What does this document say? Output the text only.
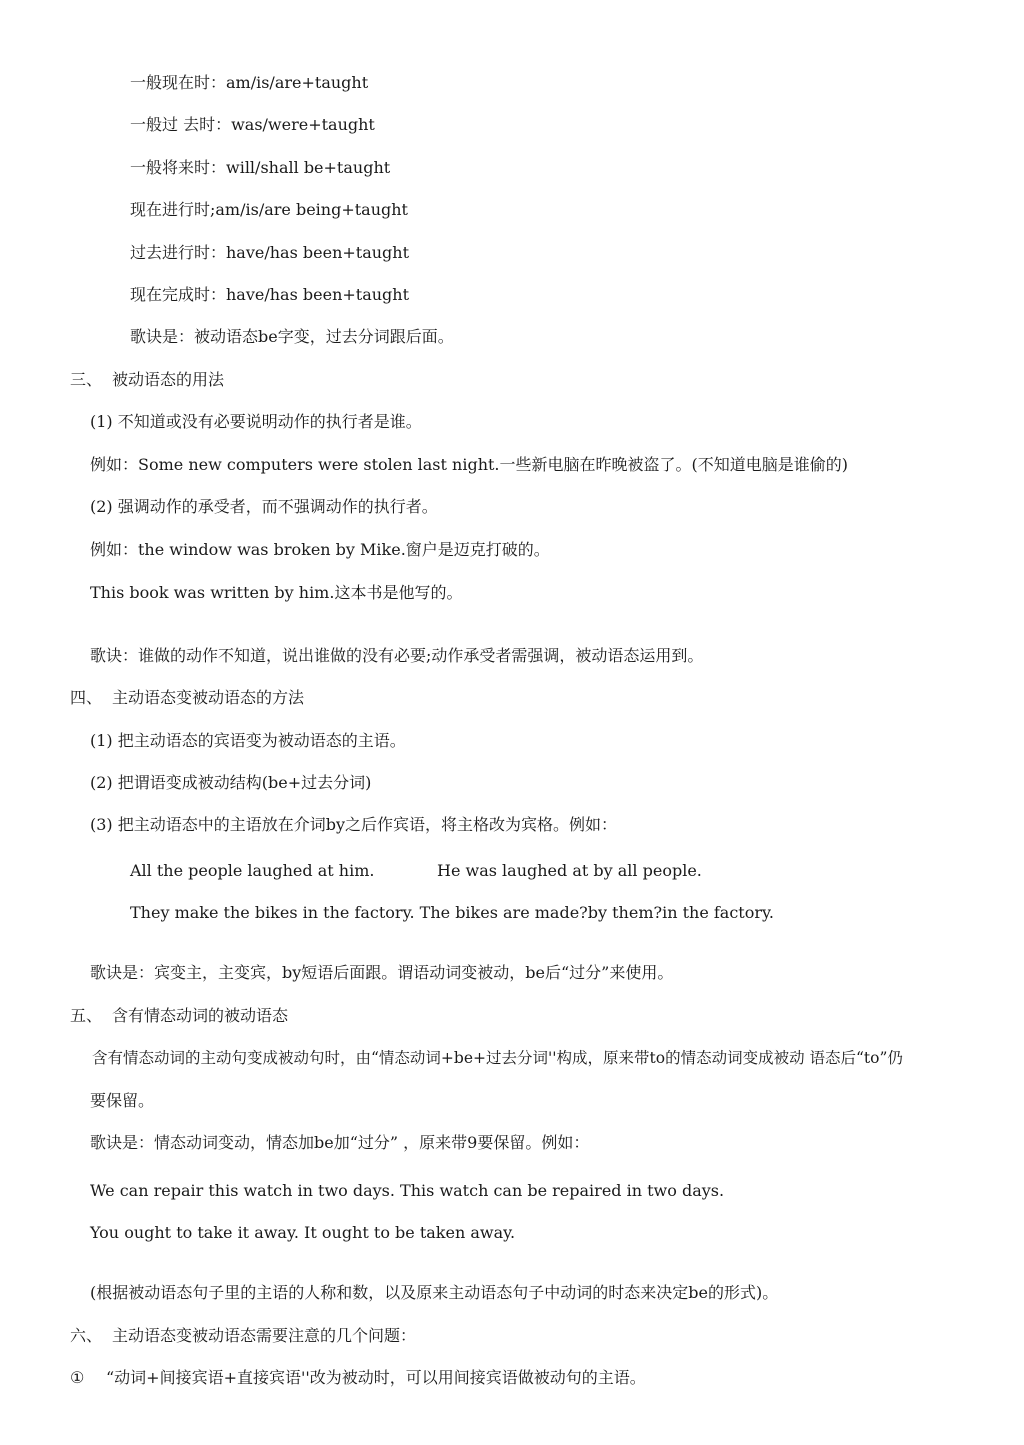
一般现在时：am/is/are+taught
一般过 去时：was/were+taught
一般将来时：will/shall be+taught
现在进行时;am/is/are being+taught
过去进行时：have/has been+taught
现在完成时：have/has been+taught
歌诀是：被动语态be字变，过去分词跟后面。
三、 被动语态的用法
(1) 不知道或没有必要说明动作的执行者是谁。
例如：Some new computers were stolen last night.一些新电脑在昨晚被盗了。(不知道电脑是谁偷的)
(2) 强调动作的承受者，而不强调动作的执行者。
例如：the window was broken by Mike.窗户是迈克打破的。
This book was written by him.这本书是他写的。
歌诀：谁做的动作不知道，说出谁做的没有必要;动作承受者需强调，被动语态运用到。
四、 主动语态变被动语态的方法
(1) 把主动语态的宾语变为被动语态的主语。
(2) 把谓语变成被动结构(be+过去分词)
(3) 把主动语态中的主语放在介词by之后作宾语，将主格改为宾格。例如：
All the people laughed at him.	He was laughed at by all people.
They make the bikes in the factory. The bikes are made?by them?in the factory.
歌诀是：宾变主，主变宾，by短语后面跟。谓语动词变被动，be后“过分”来使用。
五、 含有情态动词的被动语态
含有情态动词的主动句变成被动句时，由“情态动词+be+过去分词''构成，原来带to的情态动词变成被动 语态后“to”仍
要保留。
歌诀是：情态动词变动，情态加be加“过分” ，原来带9要保留。例如：
We can repair this watch in two days. This watch can be repaired in two days.
You ought to take it away. It ought to be taken away.
(根据被动语态句子里的主语的人称和数，以及原来主动语态句子中动词的时态来决定be的形式)。
六、 主动语态变被动语态需要注意的几个问题：
① “动词+间接宾语+直接宾语''改为被动时，可以用间接宾语做被动句的主语。
